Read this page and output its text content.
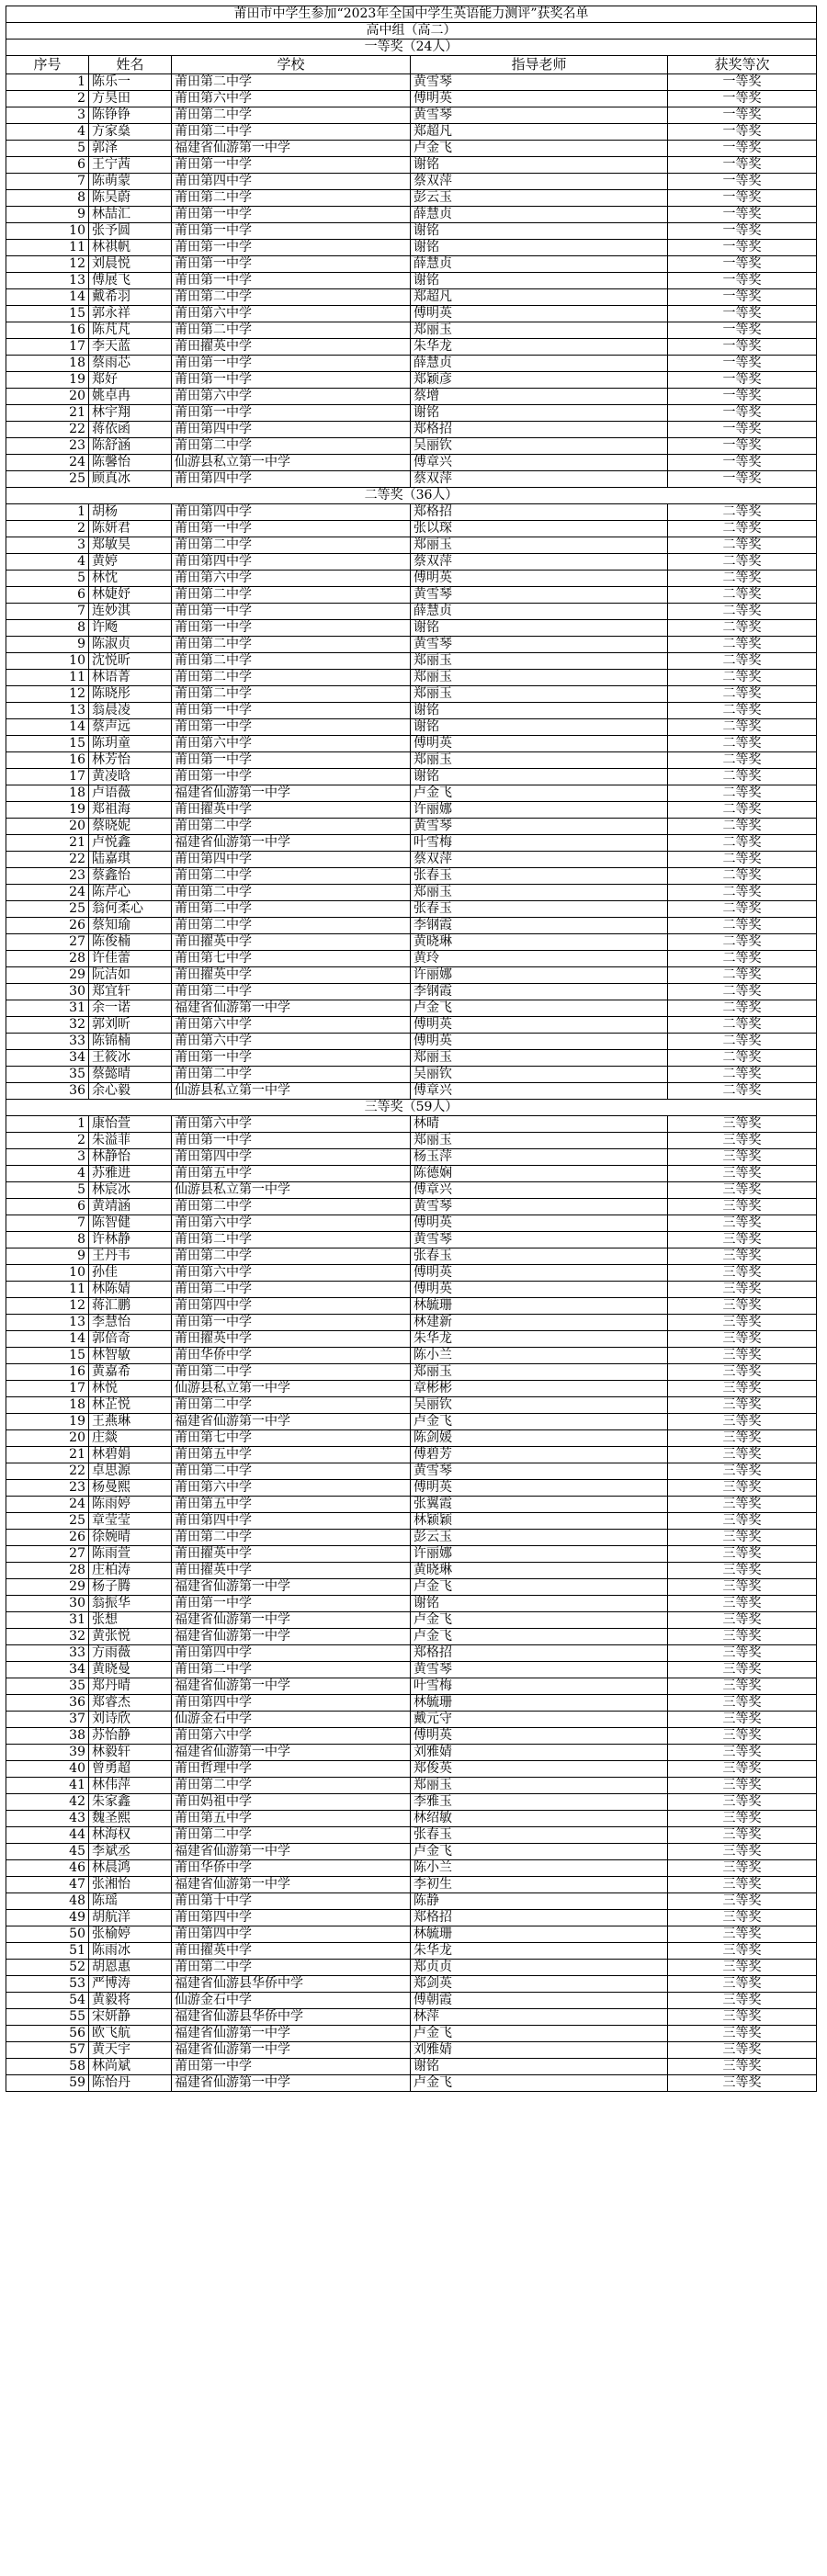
莆田市中学生参加“2023年全国中学生英语能力测评”获奖名单				
高中组（高二）				
一等奖（24人）				
序号	姓名	学校	指导老师	获奖等次
1	陈乐一	莆田第二中学	黄雪琴	一等奖
2	方昊田	莆田第六中学	傅明英	一等奖
3	陈铮铮	莆田第二中学	黄雪琴	一等奖
4	方家燊	莆田第二中学	郑超凡	一等奖
5	郭泽	福建省仙游第一中学	卢金飞	一等奖
6	王宁茜	莆田第一中学	谢铭	一等奖
7	陈萌蒙	莆田第四中学	蔡双萍	一等奖
8	陈吴蔚	莆田第二中学	彭云玉	一等奖
9	林喆汇	莆田第一中学	薛慧贞	一等奖
10	张予圆	莆田第一中学	谢铭	一等奖
11	林祺帆	莆田第一中学	谢铭	一等奖
12	刘晨悦	莆田第一中学	薛慧贞	一等奖
13	傅展飞	莆田第一中学	谢铭	一等奖
14	戴希羽	莆田第二中学	郑超凡	一等奖
15	郭永祥	莆田第六中学	傅明英	一等奖
16	陈芃芃	莆田第二中学	郑丽玉	一等奖
17	李天蓝	莆田擢英中学	朱华龙	一等奖
18	蔡雨芯	莆田第一中学	薛慧贞	一等奖
19	郑好	莆田第一中学	郑颖彦	一等奖
20	姚卓冉	莆田第六中学	蔡增	一等奖
21	林宇翔	莆田第一中学	谢铭	一等奖
22	蒋依函	莆田第四中学	郑格招	一等奖
23	陈舒涵	莆田第二中学	吴丽钦	一等奖
24	陈馨怡	仙游县私立第一中学	傅章兴	一等奖
25	顾真冰	莆田第四中学	蔡双萍	一等奖
二等奖（36人）				
1	胡杨	莆田第四中学	郑格招	二等奖
2	陈妍君	莆田第一中学	张以琛	二等奖
3	郑敏昊	莆田第二中学	郑丽玉	二等奖
4	黄婷	莆田第四中学	蔡双萍	二等奖
5	林忱	莆田第六中学	傅明英	二等奖
6	林婕妤	莆田第二中学	黄雪琴	二等奖
7	连妙淇	莆田第一中学	薛慧贞	二等奖
8	许飏	莆田第一中学	谢铭	二等奖
9	陈淑贞	莆田第二中学	黄雪琴	二等奖
10	沈悦昕	莆田第二中学	郑丽玉	二等奖
11	林语菁	莆田第二中学	郑丽玉	二等奖
12	陈晓彤	莆田第二中学	郑丽玉	二等奖
13	翁晨凌	莆田第一中学	谢铭	二等奖
14	蔡声远	莆田第一中学	谢铭	二等奖
15	陈玥童	莆田第六中学	傅明英	二等奖
16	林芳怡	莆田第一中学	郑丽玉	二等奖
17	黄凌晗	莆田第一中学	谢铭	二等奖
18	卢语薇	福建省仙游第一中学	卢金飞	二等奖
19	郑祖海	莆田擢英中学	许丽娜	二等奖
20	蔡晓妮	莆田第二中学	黄雪琴	二等奖
21	卢悦鑫	福建省仙游第一中学	叶雪梅	二等奖
22	陆嘉琪	莆田第四中学	蔡双萍	二等奖
23	蔡鑫怡	莆田第二中学	张春玉	二等奖
24	陈芹心	莆田第二中学	郑丽玉	二等奖
25	翁何柔心	莆田第二中学	张春玉	二等奖
26	蔡知瑜	莆田第二中学	李钢霞	二等奖
27	陈俊楠	莆田擢英中学	黄晓琳	二等奖
28	许佳蕾	莆田第七中学	黄玲	二等奖
29	阮洁如	莆田擢英中学	许丽娜	二等奖
30	郑宜轩	莆田第二中学	李钢霞	二等奖
31	余一诺	福建省仙游第一中学	卢金飞	二等奖
32	郭刘昕	莆田第六中学	傅明英	二等奖
33	陈锦楠	莆田第六中学	傅明英	二等奖
34	王筱冰	莆田第一中学	郑丽玉	二等奖
35	蔡懿晴	莆田第二中学	吴丽钦	二等奖
36	余心毅	仙游县私立第一中学	傅章兴	二等奖
三等奖（59人）				
1	康怡萱	莆田第六中学	林晴	三等奖
2	朱溢菲	莆田第一中学	郑丽玉	三等奖
3	林静怡	莆田第四中学	杨玉萍	三等奖
4	苏雅进	莆田第五中学	陈德娴	三等奖
5	林宸冰	仙游县私立第一中学	傅章兴	三等奖
6	黄靖涵	莆田第二中学	黄雪琴	三等奖
7	陈智健	莆田第六中学	傅明英	三等奖
8	许林静	莆田第二中学	黄雪琴	三等奖
9	王丹韦	莆田第二中学	张春玉	三等奖
10	孙佳	莆田第六中学	傅明英	三等奖
11	林陈婧	莆田第二中学	傅明英	三等奖
12	蒋汇鹏	莆田第四中学	林毓珊	三等奖
13	李慧怡	莆田第一中学	林建新	三等奖
14	郭倍奇	莆田擢英中学	朱华龙	三等奖
15	林智敏	莆田华侨中学	陈小兰	三等奖
16	黄嘉希	莆田第二中学	郑丽玉	三等奖
17	林悦	仙游县私立第一中学	章彬彬	三等奖
18	林芷悦	莆田第二中学	吴丽钦	三等奖
19	王燕琳	福建省仙游第一中学	卢金飞	三等奖
20	庄燚	莆田第七中学	陈剑媛	三等奖
21	林碧娟	莆田第五中学	傅碧芳	三等奖
22	卓思源	莆田第二中学	黄雪琴	三等奖
23	杨曼熙	莆田第六中学	傅明英	三等奖
24	陈雨婷	莆田第五中学	张翼霞	三等奖
25	章莹莹	莆田第四中学	林颖颖	三等奖
26	徐婉晴	莆田第二中学	彭云玉	三等奖
27	陈雨萱	莆田擢英中学	许丽娜	三等奖
28	庄柏涛	莆田擢英中学	黄晓琳	三等奖
29	杨子腾	福建省仙游第一中学	卢金飞	三等奖
30	翁振华	莆田第一中学	谢铭	三等奖
31	张想	福建省仙游第一中学	卢金飞	三等奖
32	黄张悦	福建省仙游第一中学	卢金飞	三等奖
33	方雨薇	莆田第四中学	郑格招	三等奖
34	黄晓曼	莆田第二中学	黄雪琴	三等奖
35	郑丹晴	福建省仙游第一中学	叶雪梅	三等奖
36	郑睿杰	莆田第四中学	林毓珊	三等奖
37	刘诗欣	仙游金石中学	戴元守	三等奖
38	苏怡静	莆田第六中学	傅明英	三等奖
39	林毅轩	福建省仙游第一中学	刘雅婧	三等奖
40	曾勇超	莆田哲理中学	郑俊英	三等奖
41	林伟萍	莆田第二中学	郑丽玉	三等奖
42	朱家鑫	莆田妈祖中学	李雅玉	三等奖
43	魏圣熙	莆田第五中学	林绍敏	三等奖
44	林海权	莆田第二中学	张春玉	三等奖
45	李斌丞	福建省仙游第一中学	卢金飞	三等奖
46	林晨鸿	莆田华侨中学	陈小兰	三等奖
47	张湘怡	福建省仙游第一中学	李初生	三等奖
48	陈瑶	莆田第十中学	陈静	三等奖
49	胡航洋	莆田第四中学	郑格招	三等奖
50	张榆婷	莆田第四中学	林毓珊	三等奖
51	陈雨冰	莆田擢英中学	朱华龙	三等奖
52	胡恩惠	莆田第二中学	郑贞贞	三等奖
53	严博涛	福建省仙游县华侨中学	郑剑英	三等奖
54	黄毅将	仙游金石中学	傅朝霞	三等奖
55	宋妍静	福建省仙游县华侨中学	林萍	三等奖
56	欧飞航	福建省仙游第一中学	卢金飞	三等奖
57	黄天宇	福建省仙游第一中学	刘雅婧	三等奖
58	林尚斌	莆田第一中学	谢铭	三等奖
59	陈怡丹	福建省仙游第一中学	卢金飞	三等奖
